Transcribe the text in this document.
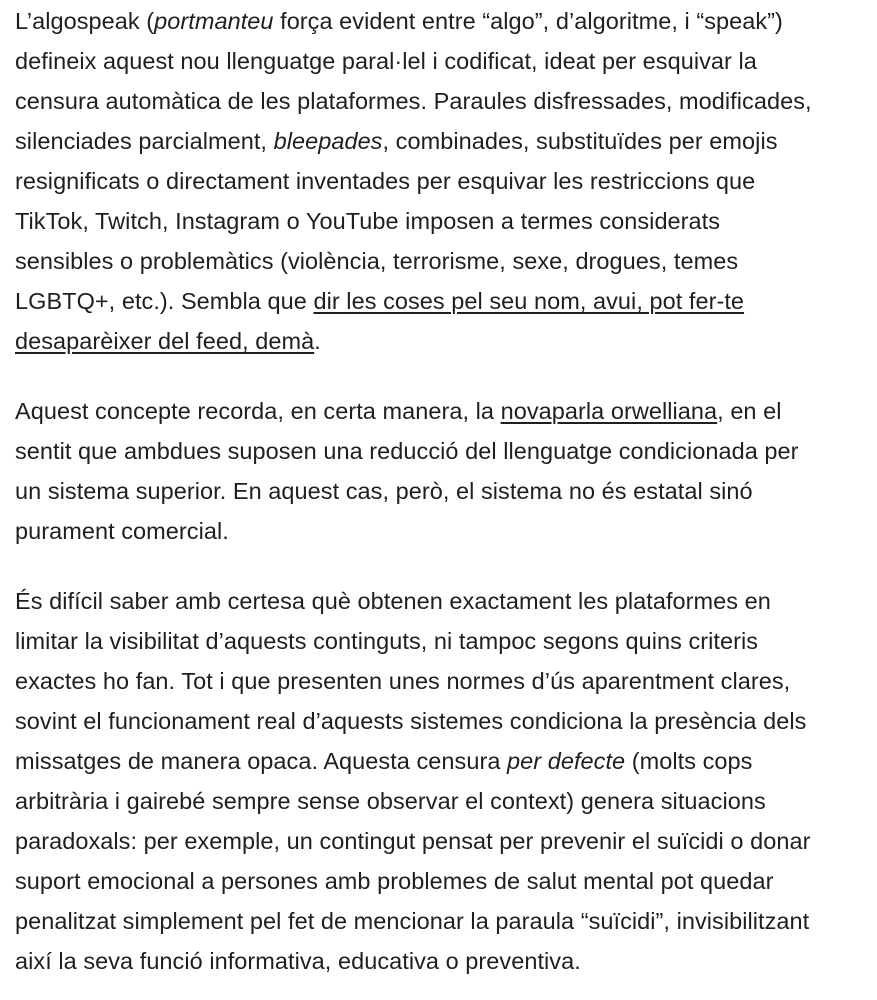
L’algospeak (portmanteu força evident entre “algo”, d’algoritme, i “speak”)
defineix aquest nou llenguatge paral·lel i codificat, ideat per esquivar la
censura automàtica de les plataformes. Paraules disfressades, modificades,
silenciades parcialment, bleepades, combinades, substituïdes per emojis
resignificats o directament inventades per esquivar les restriccions que
TikTok, Twitch, Instagram o YouTube imposen a termes considerats
sensibles o problemàtics (violència, terrorisme, sexe, drogues, temes
LGBTQ+, etc.). Sembla que dir les coses pel seu nom, avui, pot fer-te
desaparèixer del feed, demà.

Aquest concepte recorda, en certa manera, la novaparla orwelliana, en el
sentit que ambdues suposen una reducció del llenguatge condicionada per
un sistema superior. En aquest cas, però, el sistema no és estatal sinó
purament comercial.

És difícil saber amb certesa què obtenen exactament les plataformes en
limitar la visibilitat d’aquests continguts, ni tampoc segons quins criteris
exactes ho fan. Tot i que presenten unes normes d’ús aparentment clares,
sovint el funcionament real d’aquests sistemes condiciona la presència dels
missatges de manera opaca. Aquesta censura per defecte (molts cops
arbitrària i gairebé sempre sense observar el context) genera situacions
paradoxals: per exemple, un contingut pensat per prevenir el suïcidi o donar
suport emocional a persones amb problemes de salut mental pot quedar
penalitzat simplement pel fet de mencionar la paraula “suïcidi”, invisibilitzant
així la seva funció informativa, educativa o preventiva.
